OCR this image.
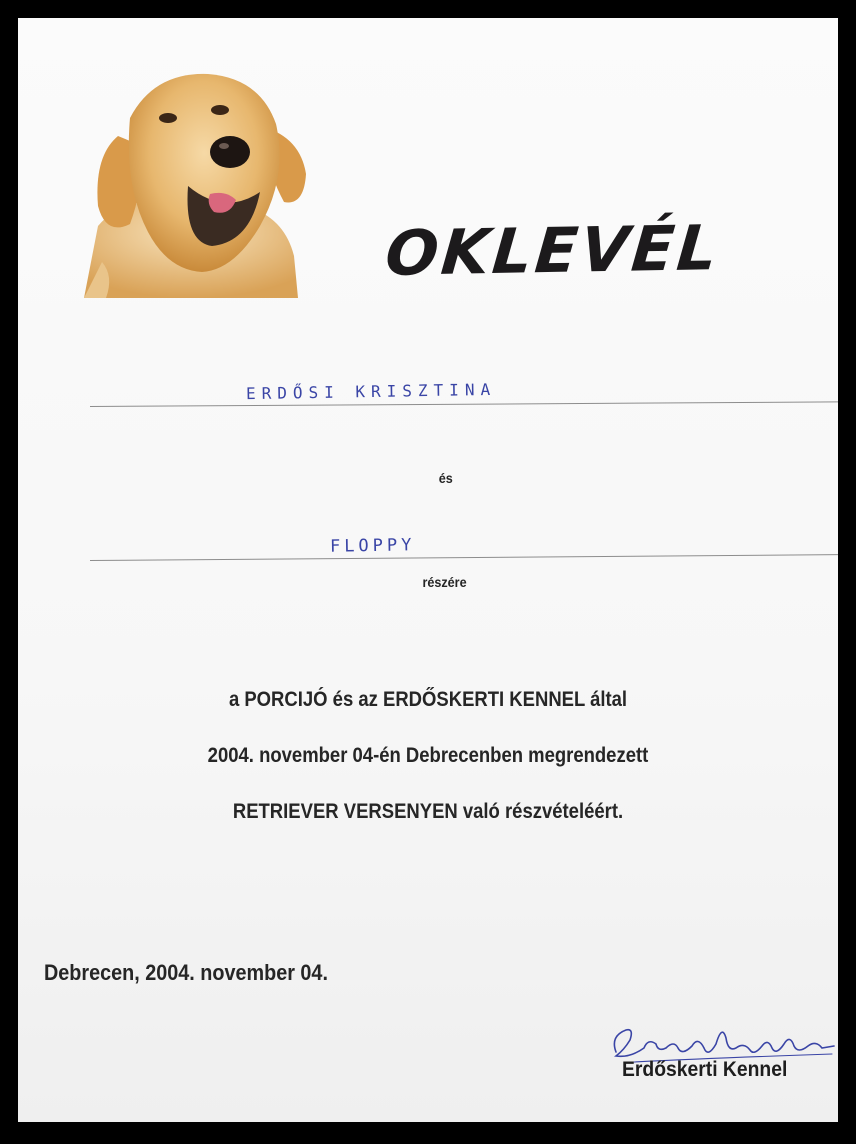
OKLEVÉL
ERDŐSI KRISZTINA
és
FLOPPY
részére
a PORCIJÓ és az ERDŐSKERTI KENNEL által
2004. november 04-én Debrecenben megrendezett
RETRIEVER VERSENYEN való részvételéért.
Debrecen, 2004. november 04.
Erdőskerti Kennel
